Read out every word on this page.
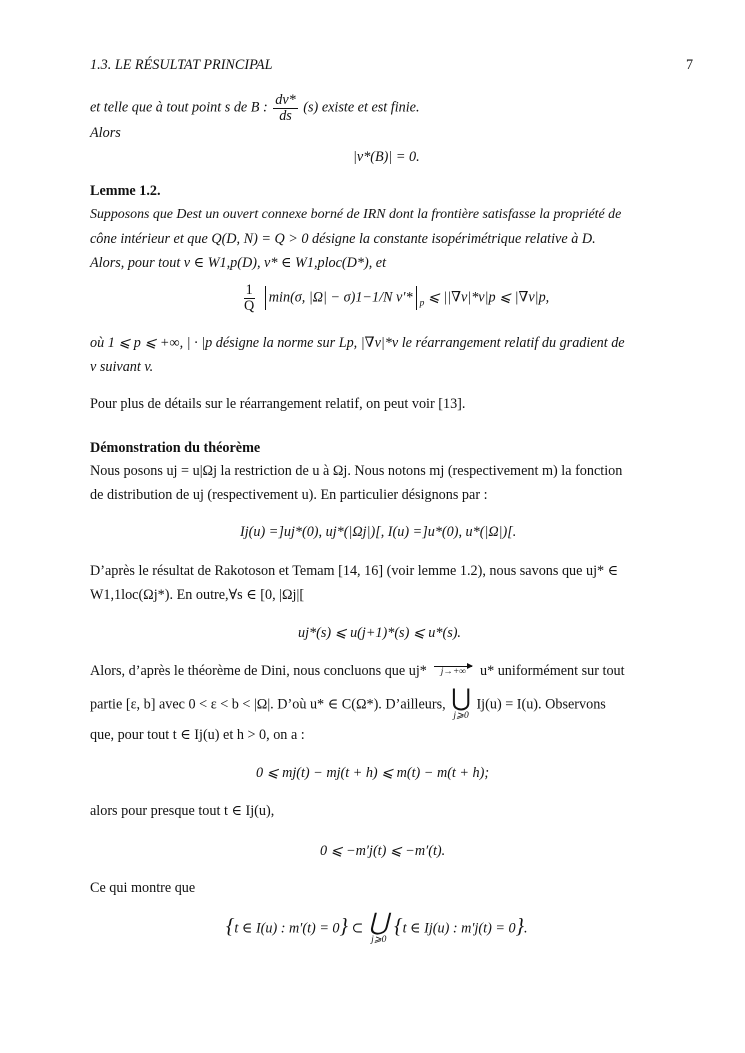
1.3. LE RÉSULTAT PRINCIPAL	7
et telle que à tout point s de B : $\frac{dv*}{ds} (s)$ existe et est finie.
Alors
|v*(B)| = 0.
Lemme 1.2.
Supposons que Dest un ouvert connexe borné de IRN dont la frontière satisfasse la propriété de
cône intérieur et que Q(D, N) = Q > 0 désigne la constante isopérimétrique relative à D.
Alors, pour tout v ∈ W1,p(D), v* ∈ W1,ploc(D*), et
$\frac{1}{Q} \min(\sigma$, |Ω| − σ)1−1/N v′* $_p$ ⩽ ||∇v|*v|p ⩽ |∇v|p,
où 1 ⩽ p ⩽ +∞, | · |p désigne la norme sur Lp, |∇v|*v le réarrangement relatif du gradient de
v suivant v.
Pour plus de détails sur le réarrangement relatif, on peut voir [13].
Démonstration du théorème
Nous posons uj = u|Ωj la restriction de u à Ωj. Nous notons mj (respectivement m) la fonction
de distribution de uj (respectivement u). En particulier désignons par :
Ij(u) =]uj*(0), uj*(|Ωj|)[, I(u) =]u*(0), u*(|Ω|)[.
D’après le résultat de Rakotoson et Temam [14, 16] (voir lemme 1.2), nous savons que uj* ∈
W1,1loc(Ωj*). En outre,∀s ∈ [0, |Ωj|[
uj*(s) ⩽ u(j+1)*(s) ⩽ u*(s).
Alors, d’après le théorème de Dini, nous concluons que uj* j→+∞ u* uniformément sur tout
partie [ε, b] avec 0 < ε < b < |Ω|. D’où u* ∈ C(Ω*). D’ailleurs, ⋃
j⩾0
Ij(u) = I(u). Observons
que, pour tout t ∈ Ij(u) et h > 0, on a :
0 ⩽ mj(t) − mj(t + h) ⩽ m(t) − m(t + h);
alors pour presque tout t ∈ Ij(u),
0 ⩽ −m′j(t) ⩽ −m′(t).
Ce qui montre que
{t ∈ I(u) : m′(t) = 0} ⊂ ⋃
j⩾0
{t ∈ Ij(u) : m′j(t) = 0}.
